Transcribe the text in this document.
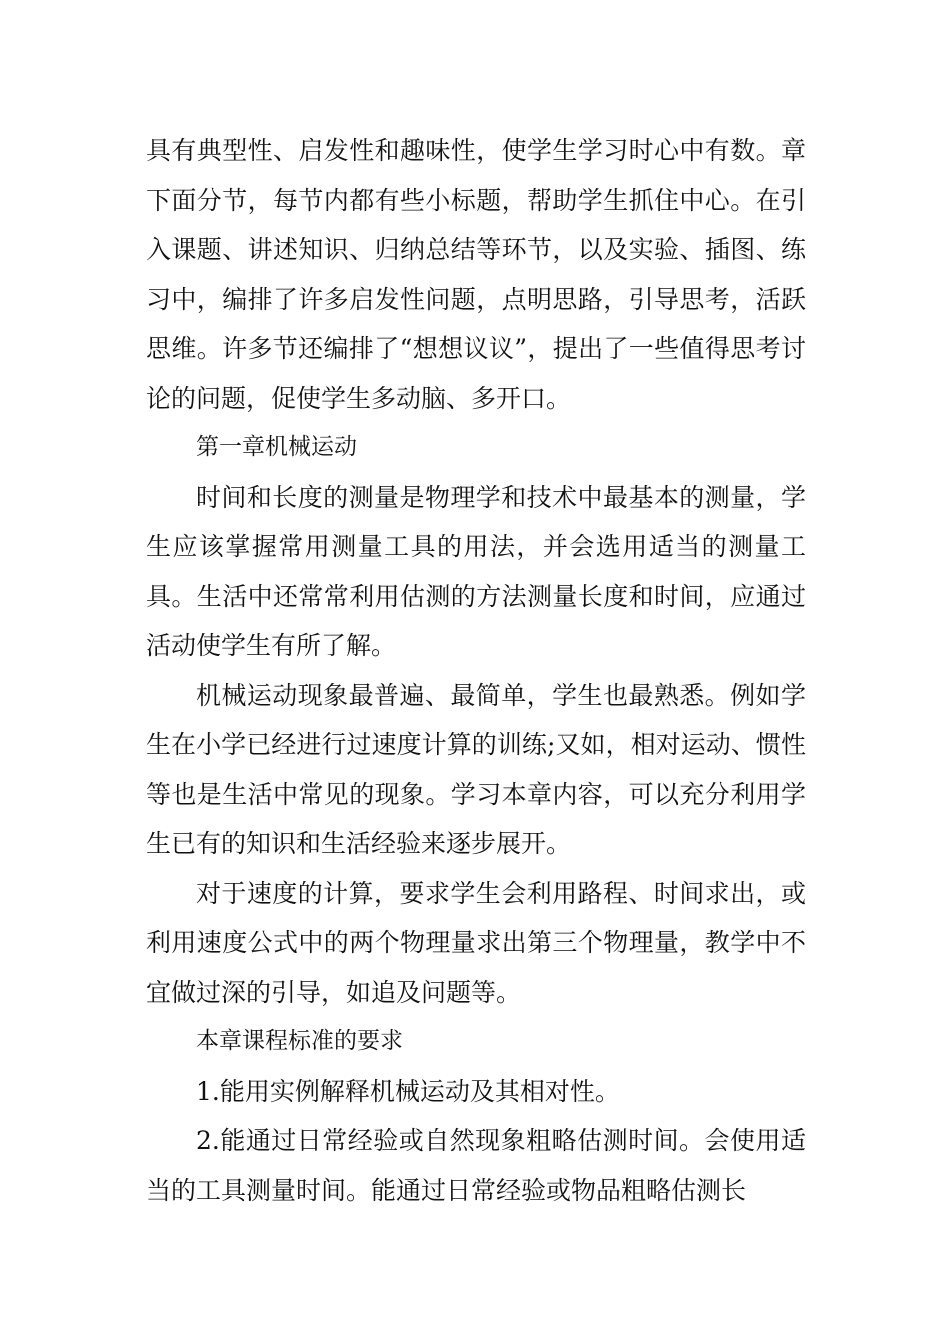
具有典型性、启发性和趣味性，使学生学习时心中有数。章下面分节，每节内都有些小标题，帮助学生抓住中心。在引入课题、讲述知识、归纳总结等环节，以及实验、插图、练习中，编排了许多启发性问题，点明思路，引导思考，活跃思维。许多节还编排了“想想议议”，提出了一些值得思考讨论的问题，促使学生多动脑、多开口。

第一章机械运动

时间和长度的测量是物理学和技术中最基本的测量，学生应该掌握常用测量工具的用法，并会选用适当的测量工具。生活中还常常利用估测的方法测量长度和时间，应通过活动使学生有所了解。

机械运动现象最普遍、最简单，学生也最熟悉。例如学生在小学已经进行过速度计算的训练;又如，相对运动、惯性等也是生活中常见的现象。学习本章内容，可以充分利用学生已有的知识和生活经验来逐步展开。

对于速度的计算，要求学生会利用路程、时间求出，或利用速度公式中的两个物理量求出第三个物理量，教学中不宜做过深的引导，如追及问题等。

本章课程标准的要求

1.能用实例解释机械运动及其相对性。

2.能通过日常经验或自然现象粗略估测时间。会使用适当的工具测量时间。能通过日常经验或物品粗略估测长
